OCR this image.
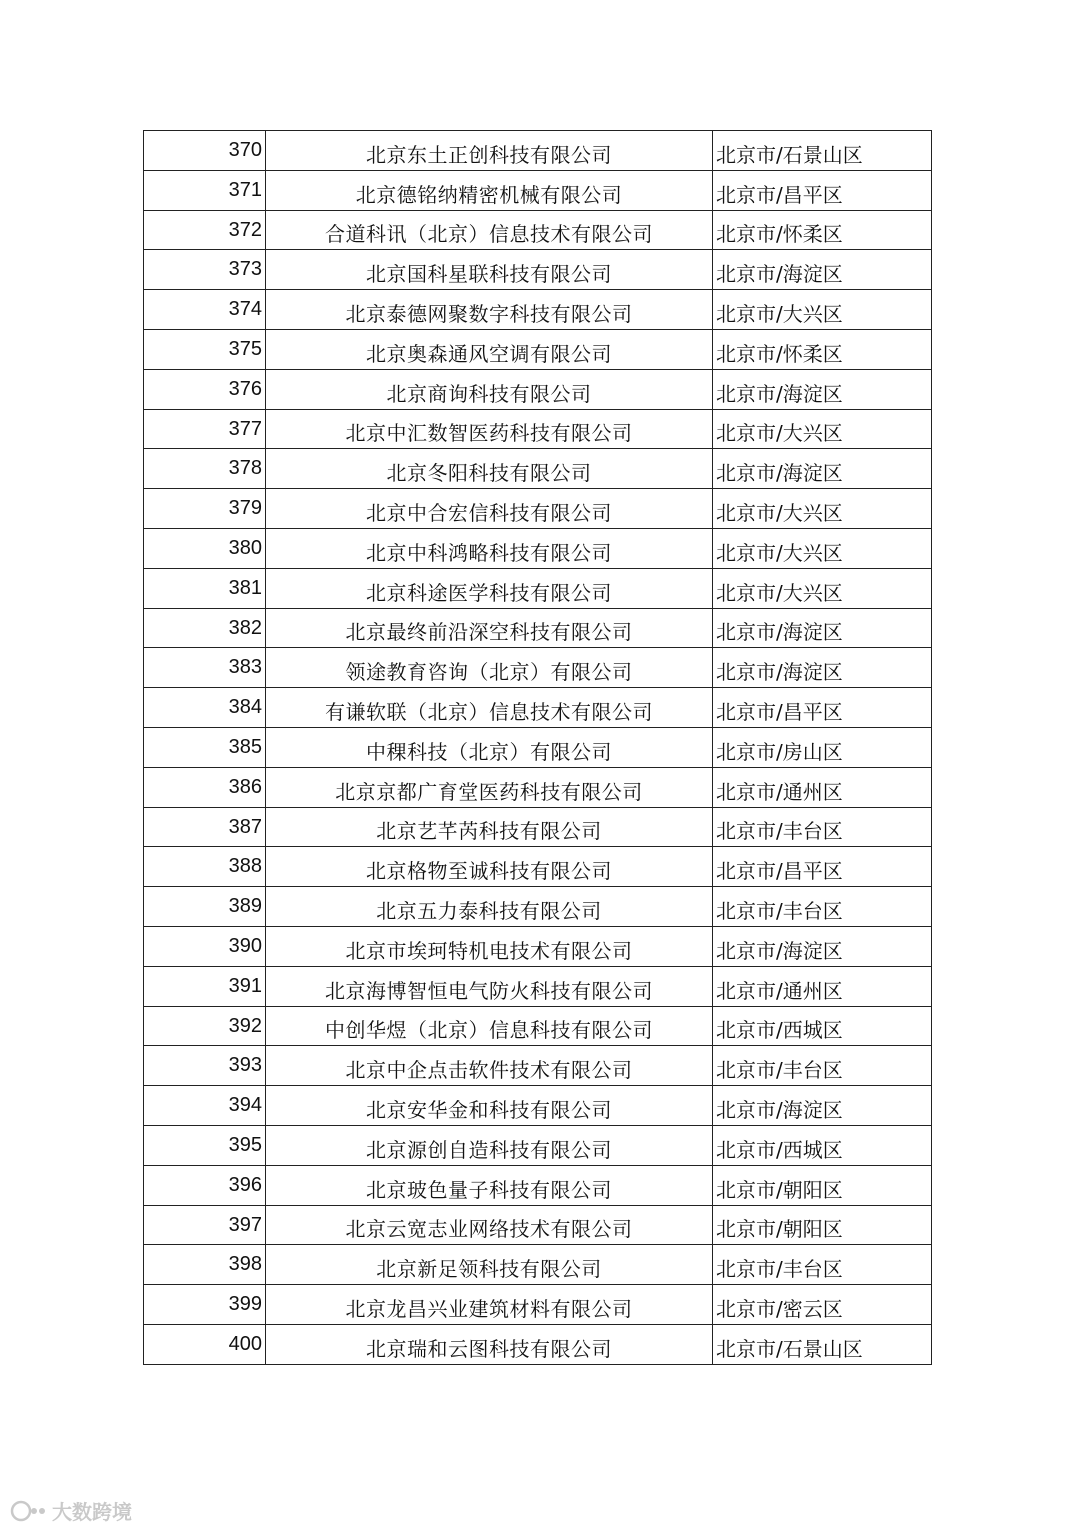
370	北京东土正创科技有限公司	北京市/石景山区
371	北京德铭纳精密机械有限公司	北京市/昌平区
372	合道科讯（北京）信息技术有限公司	北京市/怀柔区
373	北京国科星联科技有限公司	北京市/海淀区
374	北京泰德网聚数字科技有限公司	北京市/大兴区
375	北京奥森通风空调有限公司	北京市/怀柔区
376	北京商询科技有限公司	北京市/海淀区
377	北京中汇数智医药科技有限公司	北京市/大兴区
378	北京冬阳科技有限公司	北京市/海淀区
379	北京中合宏信科技有限公司	北京市/大兴区
380	北京中科鸿略科技有限公司	北京市/大兴区
381	北京科途医学科技有限公司	北京市/大兴区
382	北京最终前沿深空科技有限公司	北京市/海淀区
383	领途教育咨询（北京）有限公司	北京市/海淀区
384	有谦软联（北京）信息技术有限公司	北京市/昌平区
385	中稞科技（北京）有限公司	北京市/房山区
386	北京京都广育堂医药科技有限公司	北京市/通州区
387	北京艺芊芮科技有限公司	北京市/丰台区
388	北京格物至诚科技有限公司	北京市/昌平区
389	北京五力泰科技有限公司	北京市/丰台区
390	北京市埃珂特机电技术有限公司	北京市/海淀区
391	北京海博智恒电气防火科技有限公司	北京市/通州区
392	中创华煜（北京）信息科技有限公司	北京市/西城区
393	北京中企点击软件技术有限公司	北京市/丰台区
394	北京安华金和科技有限公司	北京市/海淀区
395	北京源创自造科技有限公司	北京市/西城区
396	北京玻色量子科技有限公司	北京市/朝阳区
397	北京云宽志业网络技术有限公司	北京市/朝阳区
398	北京新足领科技有限公司	北京市/丰台区
399	北京龙昌兴业建筑材料有限公司	北京市/密云区
400	北京瑞和云图科技有限公司	北京市/石景山区
大数跨境
